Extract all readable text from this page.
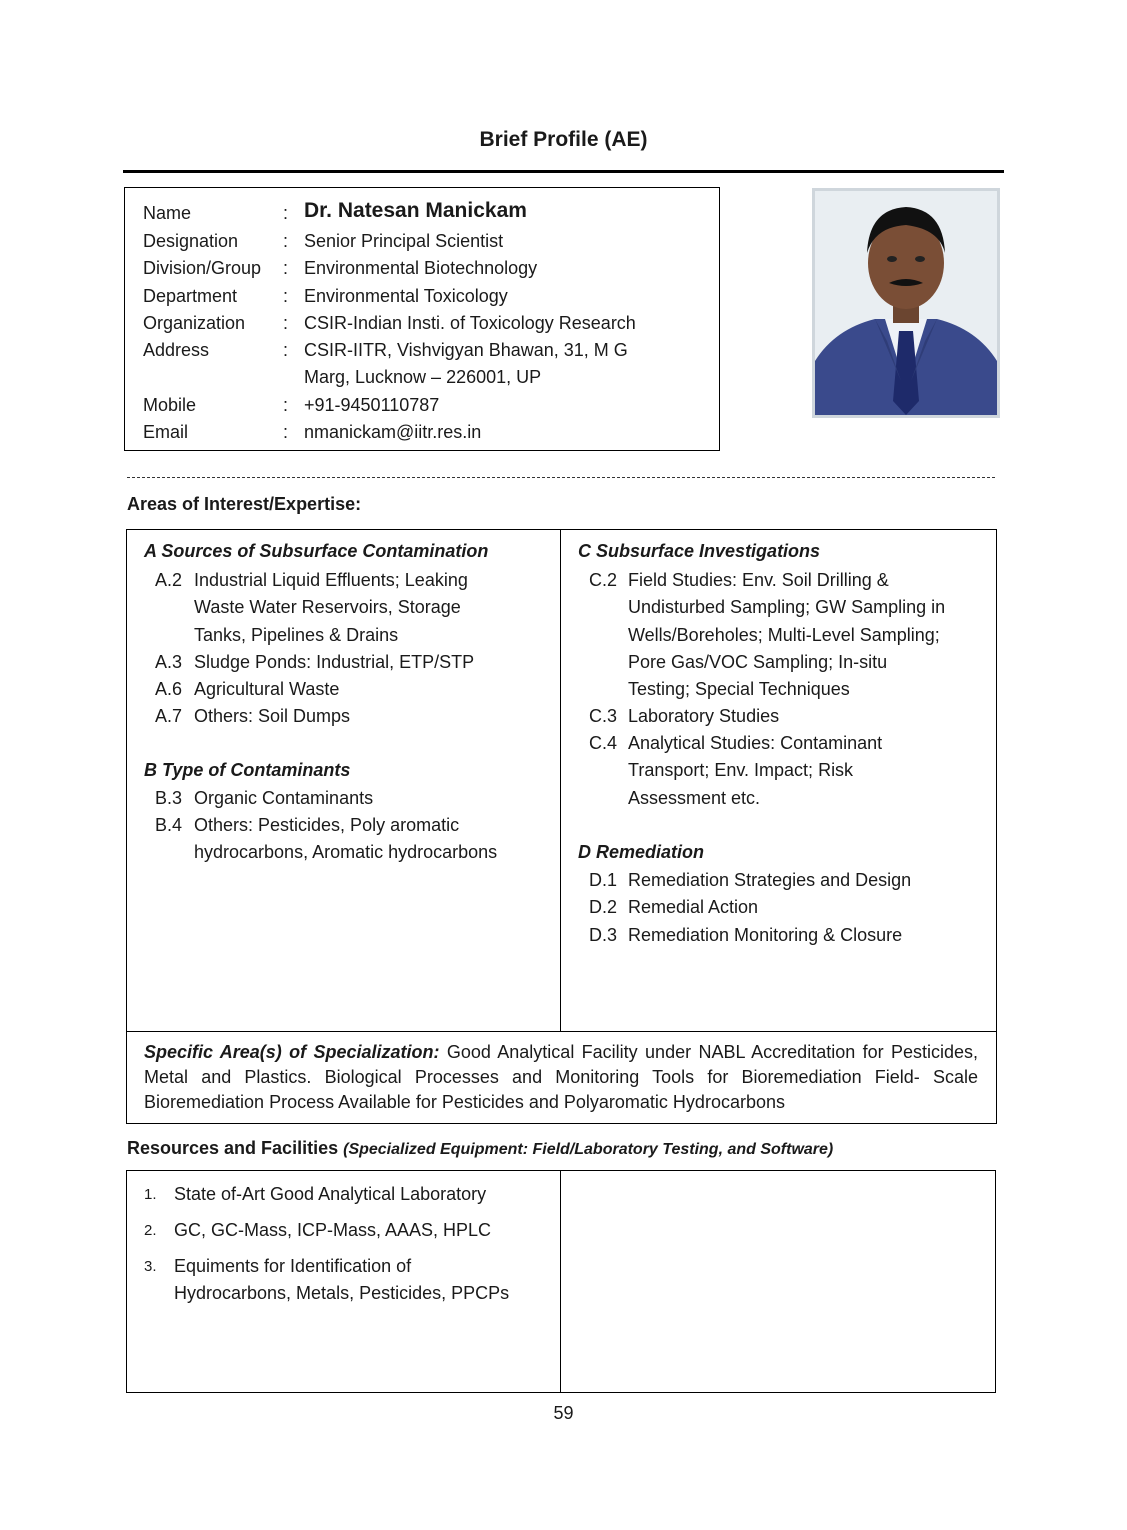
Brief Profile (AE)
Name	: Dr. Natesan Manickam
Designation : Senior Principal Scientist
Division/Group : Environmental Biotechnology
Department	: Environmental Toxicology
Organization : CSIR-Indian Insti. of Toxicology Research
Address	: CSIR-IITR, Vishvigyan Bhawan, 31, M G
Marg, Lucknow – 226001, UP
Mobile	: +91-9450110787
Email	: nmanickam@iitr.res.in
Areas of Interest/Expertise:
A Sources of Subsurface Contamination
A.2 Industrial Liquid Effluents; Leaking
Waste Water Reservoirs, Storage
Tanks, Pipelines & Drains
A.3 Sludge Ponds: Industrial, ETP/STP
A.6 Agricultural Waste
A.7 Others: Soil Dumps
B Type of Contaminants
B.3 Organic Contaminants
B.4 Others: Pesticides, Poly aromatic
hydrocarbons, Aromatic hydrocarbons
C Subsurface Investigations
C.2 Field Studies: Env. Soil Drilling &
Undisturbed Sampling; GW Sampling in
Wells/Boreholes; Multi-Level Sampling;
Pore Gas/VOC Sampling; In-situ
Testing; Special Techniques
C.3 Laboratory Studies
C.4 Analytical Studies: Contaminant
Transport; Env. Impact; Risk
Assessment etc.
D Remediation
D.1 Remediation Strategies and Design
D.2 Remedial Action
D.3 Remediation Monitoring & Closure
Specific Area(s) of Specialization: Good Analytical Facility under NABL Accreditation for Pesticides, Metal and Plastics. Biological Processes and Monitoring Tools for Bioremediation Field- Scale Bioremediation Process Available for Pesticides and Polyaromatic Hydrocarbons
Resources and Facilities (Specialized Equipment: Field/Laboratory Testing, and Software)
1. State of-Art Good Analytical Laboratory
2. GC, GC-Mass, ICP-Mass, AAAS, HPLC
3. Equiments for Identification of
Hydrocarbons, Metals, Pesticides, PPCPs
59
